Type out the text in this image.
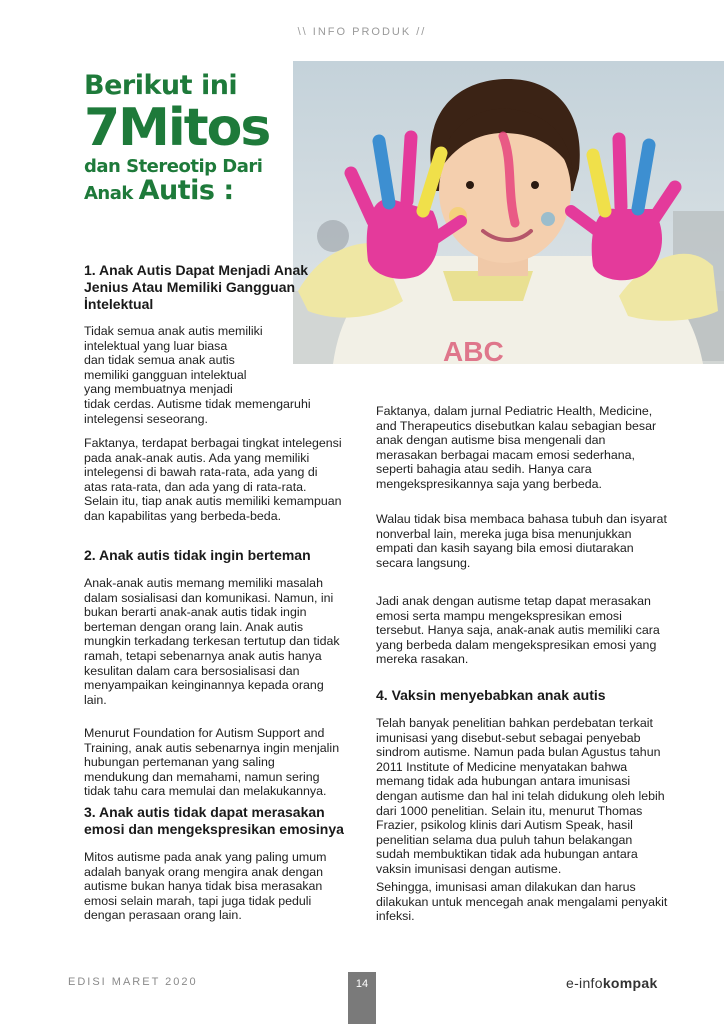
\\ INFO PRODUK //
Berikut ini
7Mitos
dan Stereotip Dari
Anak Autis :
ABC
1. Anak Autis Dapat Menjadi Anak Jenius Atau Memiliki Gangguan İntelektual
Tidak semua anak autis memiliki
intelektual yang luar biasa
dan tidak semua anak autis
memiliki gangguan intelektual
yang membuatnya menjadi
tidak cerdas. Autisme tidak memengaruhi
intelegensi seseorang.

Faktanya, terdapat berbagai tingkat intelegensi pada anak-anak autis. Ada yang memiliki intelegensi di bawah rata-rata, ada yang di atas rata-rata, dan ada yang di rata-rata. Selain itu, tiap anak autis memiliki kemampuan dan kapabilitas yang berbeda-beda.

2. Anak autis tidak ingin berteman

Anak-anak autis memang memiliki masalah dalam sosialisasi dan komunikasi. Namun, ini bukan berarti anak-anak autis tidak ingin berteman dengan orang lain. Anak autis mungkin terkadang terkesan tertutup dan tidak ramah, tetapi sebenarnya anak autis hanya kesulitan dalam cara bersosialisasi dan menyampaikan keinginannya kepada orang lain.

Menurut Foundation for Autism Support and Training, anak autis sebenarnya ingin menjalin hubungan pertemanan yang saling mendukung dan memahami, namun sering tidak tahu cara memulai dan melakukannya.

3. Anak autis tidak dapat merasakan emosi dan mengekspresikan emosinya

Mitos autisme pada anak yang paling umum adalah banyak orang mengira anak dengan autisme bukan hanya tidak bisa merasakan emosi selain marah, tapi juga tidak peduli dengan perasaan orang lain.

Faktanya, dalam jurnal Pediatric Health, Medicine, and Therapeutics disebutkan kalau sebagian besar anak dengan autisme bisa mengenali dan merasakan berbagai macam emosi sederhana, seperti bahagia atau sedih. Hanya cara mengekspresikannya saja yang berbeda.

Walau tidak bisa membaca bahasa tubuh dan isyarat nonverbal lain, mereka juga bisa menunjukkan empati dan kasih sayang bila emosi diutarakan secara langsung.

Jadi anak dengan autisme tetap dapat merasakan emosi serta mampu mengekspresikan emosi tersebut. Hanya saja, anak-anak autis memiliki cara yang berbeda dalam mengekspresikan emosi yang mereka rasakan.

4. Vaksin menyebabkan anak autis

Telah banyak penelitian bahkan perdebatan terkait imunisasi yang disebut-sebut sebagai penyebab sindrom autisme. Namun pada bulan Agustus tahun 2011 Institute of Medicine menyatakan bahwa memang tidak ada hubungan antara imunisasi dengan autisme dan hal ini telah didukung oleh lebih dari 1000 penelitian. Selain itu, menurut Thomas Frazier, psikolog klinis dari Autism Speak, hasil penelitian selama dua puluh tahun belakangan sudah membuktikan tidak ada hubungan antara vaksin imunisasi dengan autisme.

Sehingga, imunisasi aman dilakukan dan harus dilakukan untuk mencegah anak mengalami penyakit infeksi.

EDISI MARET 2020	14	e-infokompak
